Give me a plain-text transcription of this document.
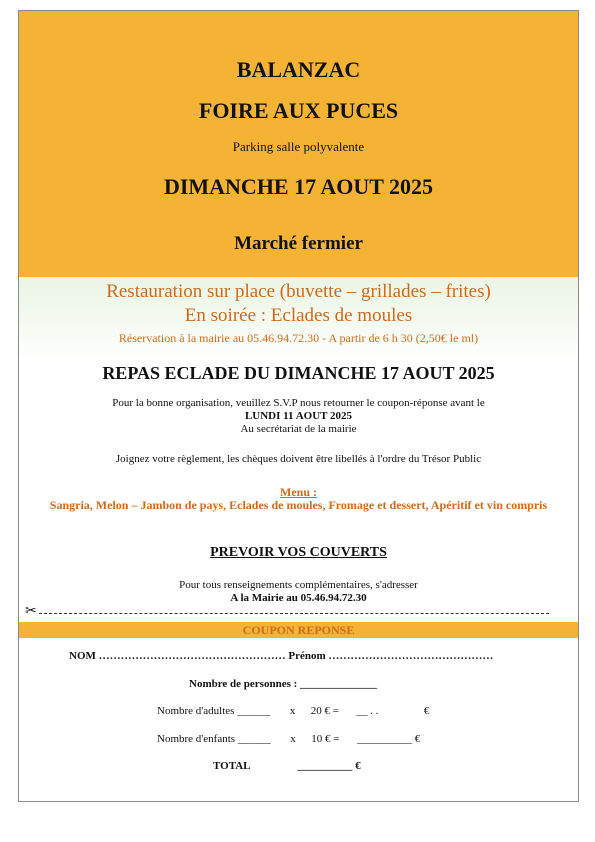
BALANZAC
FOIRE AUX PUCES
Parking salle polyvalente
DIMANCHE 17 AOUT 2025
Marché fermier
Restauration sur place (buvette – grillades – frites)
En soirée : Eclades de moules
Réservation à la mairie au 05.46.94.72.30 - A partir de 6 h 30 (2,50€ le ml)
REPAS ECLADE DU DIMANCHE 17 AOUT 2025
Pour la bonne organisation, veuillez S.V.P nous retourner le coupon-réponse avant le
LUNDI 11 AOUT 2025
Au secrétariat de la mairie
Joignez votre règlement, les chèques doivent être libellés à l'ordre du Trésor Public
Menu :
Sangria, Melon – Jambon de pays, Eclades de moules, Fromage et dessert, Apéritif et vin compris
PREVOIR VOS COUVERTS
Pour tous renseignements complémentaires, s'adresser
A la Mairie au 05.46.94.72.30
✂
COUPON REPONSE
NOM …………………………………………… Prénom ………………………………………
Nombre de personnes : ______________
Nombre d'adultes ______ x 20 € = __ . .	€
Nombre d'enfants ______ x 10 € = __________ €
TOTAL	__________ €
